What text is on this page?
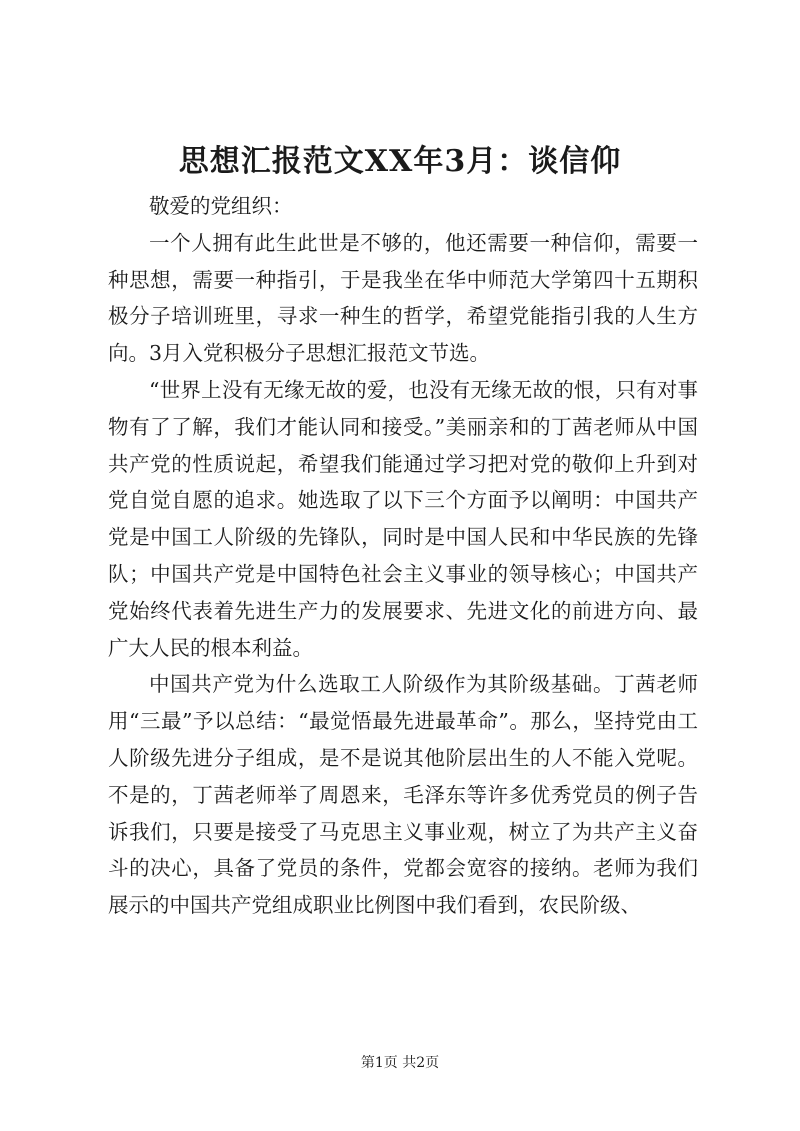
思想汇报范文XX年3月：谈信仰

敬爱的党组织：

一个人拥有此生此世是不够的，他还需要一种信仰，需要一种思想，需要一种指引，于是我坐在华中师范大学第四十五期积极分子培训班里，寻求一种生的哲学，希望党能指引我的人生方向。3月入党积极分子思想汇报范文节选。

“世界上没有无缘无故的爱，也没有无缘无故的恨，只有对事物有了了解，我们才能认同和接受。”美丽亲和的丁茜老师从中国共产党的性质说起，希望我们能通过学习把对党的敬仰上升到对党自觉自愿的追求。她选取了以下三个方面予以阐明：中国共产党是中国工人阶级的先锋队，同时是中国人民和中华民族的先锋队；中国共产党是中国特色社会主义事业的领导核心；中国共产党始终代表着先进生产力的发展要求、先进文化的前进方向、最广大人民的根本利益。

中国共产党为什么选取工人阶级作为其阶级基础。丁茜老师用“三最”予以总结：“最觉悟最先进最革命”。那么，坚持党由工人阶级先进分子组成，是不是说其他阶层出生的人不能入党呢。不是的，丁茜老师举了周恩来，毛泽东等许多优秀党员的例子告诉我们，只要是接受了马克思主义事业观，树立了为共产主义奋斗的决心，具备了党员的条件，党都会宽容的接纳。老师为我们展示的中国共产党组成职业比例图中我们看到，农民阶级、

第1页 共2页
